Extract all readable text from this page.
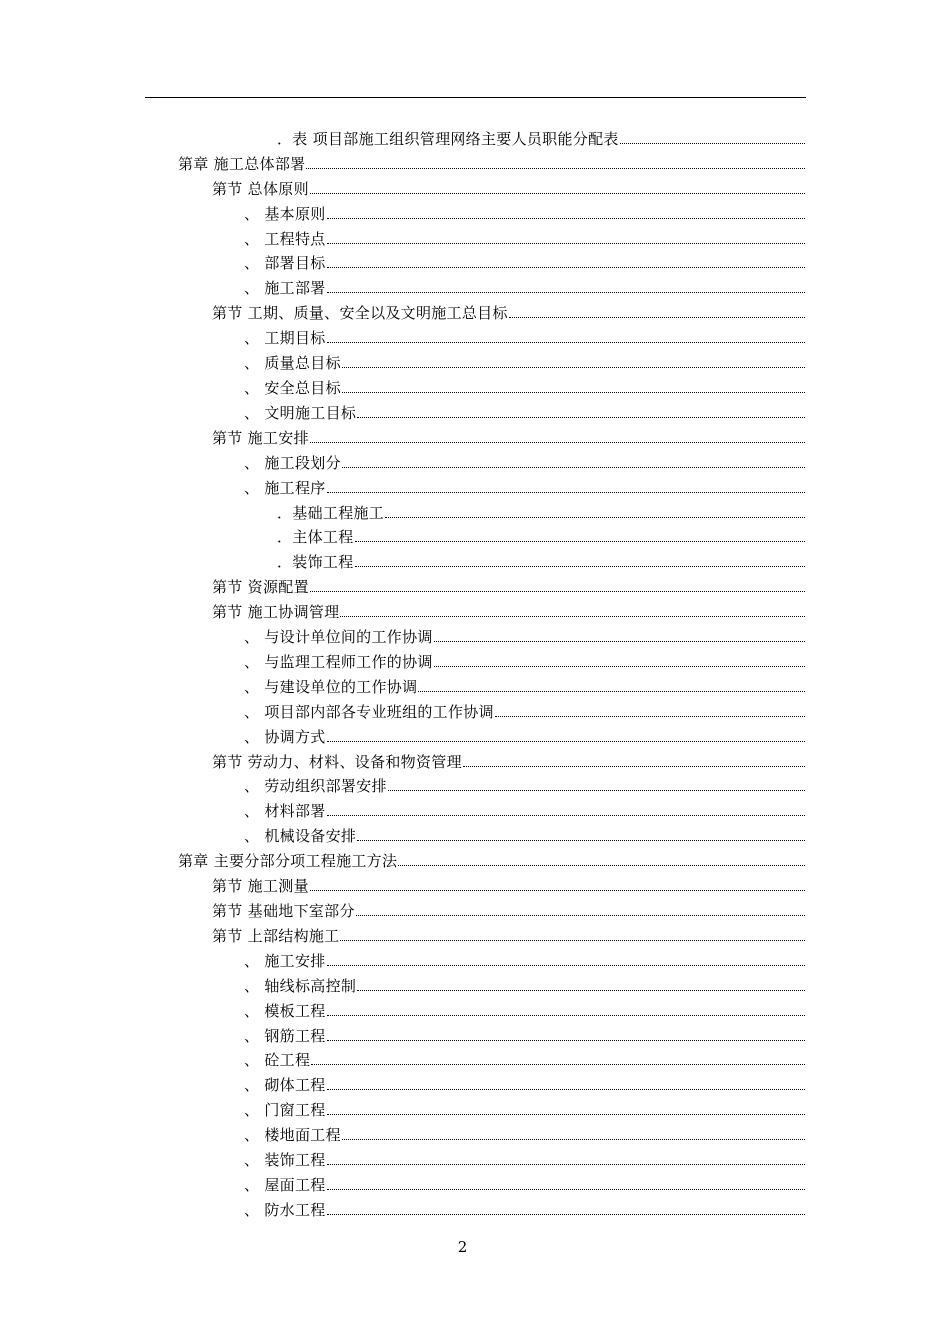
．表 项目部施工组织管理网络主要人员职能分配表
第章 施工总体部署
第节 总体原则
、 基本原则
、 工程特点
、 部署目标
、 施工部署
第节 工期、质量、安全以及文明施工总目标
、 工期目标
、 质量总目标
、 安全总目标
、 文明施工目标
第节 施工安排
、 施工段划分
、 施工程序
．基础工程施工
．主体工程
．装饰工程
第节 资源配置
第节 施工协调管理
、 与设计单位间的工作协调
、 与监理工程师工作的协调
、 与建设单位的工作协调
、 项目部内部各专业班组的工作协调
、 协调方式
第节 劳动力、材料、设备和物资管理
、 劳动组织部署安排
、 材料部署
、 机械设备安排
第章 主要分部分项工程施工方法
第节 施工测量
第节 基础地下室部分
第节 上部结构施工
、 施工安排
、 轴线标高控制
、 模板工程
、 钢筋工程
、 砼工程
、 砌体工程
、 门窗工程
、 楼地面工程
、 装饰工程
、 屋面工程
、 防水工程
2
